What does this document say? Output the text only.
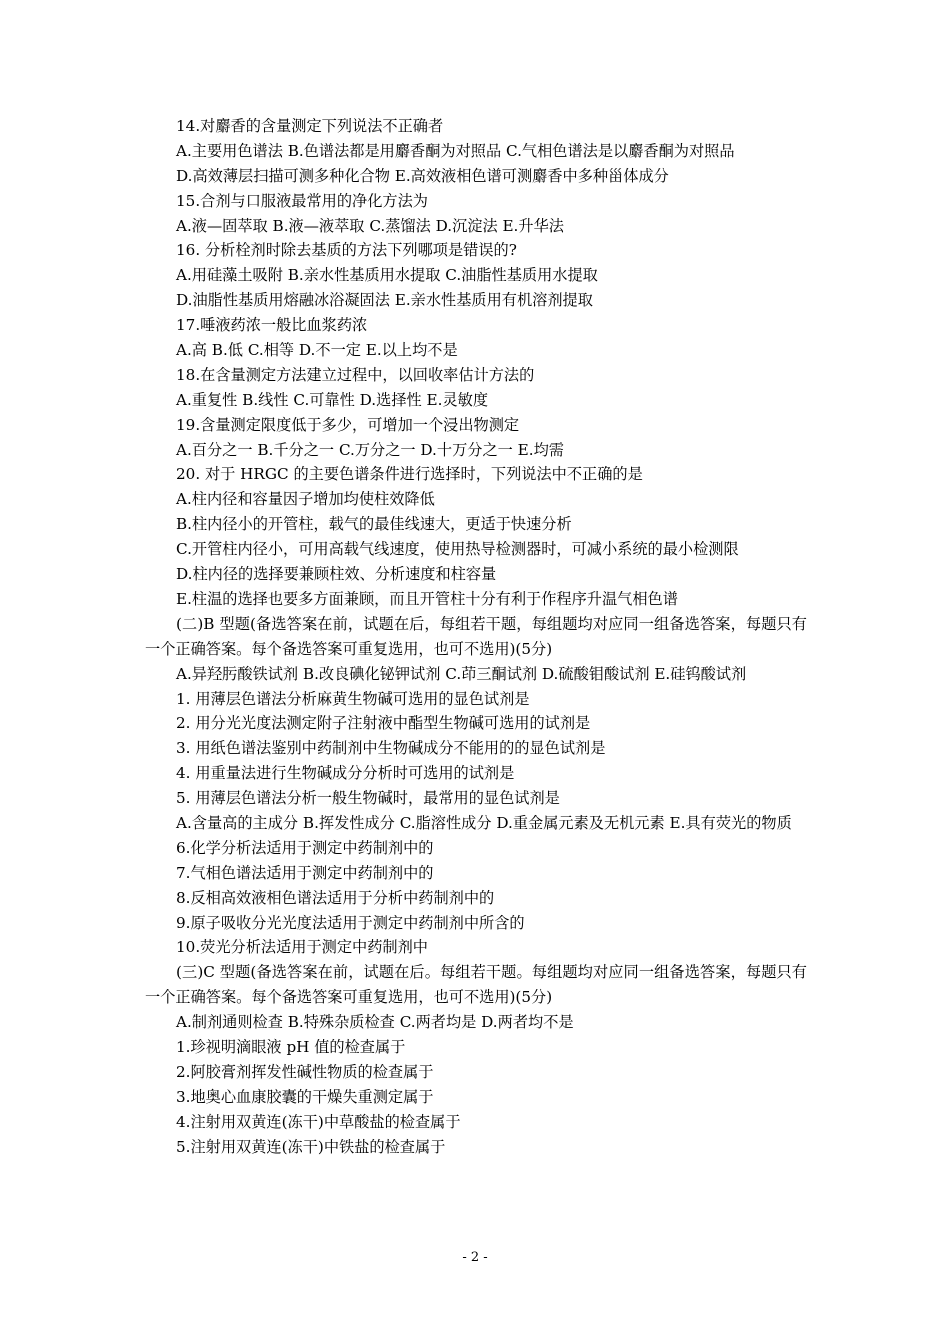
14.对麝香的含量测定下列说法不正确者
A.主要用色谱法 B.色谱法都是用麝香酮为对照品 C.气相色谱法是以麝香酮为对照品
D.高效薄层扫描可测多种化合物 E.高效液相色谱可测麝香中多种甾体成分
15.合剂与口服液最常用的净化方法为
A.液—固萃取 B.液—液萃取 C.蒸馏法 D.沉淀法 E.升华法
16. 分析栓剂时除去基质的方法下列哪项是错误的?
A.用硅藻土吸附 B.亲水性基质用水提取 C.油脂性基质用水提取
D.油脂性基质用熔融冰浴凝固法 E.亲水性基质用有机溶剂提取
17.唾液药浓一般比血浆药浓
A.高 B.低 C.相等 D.不一定 E.以上均不是
18.在含量测定方法建立过程中，以回收率估计方法的
A.重复性 B.线性 C.可靠性 D.选择性 E.灵敏度
19.含量测定限度低于多少，可增加一个浸出物测定
A.百分之一 B.千分之一 C.万分之一 D.十万分之一 E.均需
20. 对于 HRGC 的主要色谱条件进行选择时，下列说法中不正确的是
A.柱内径和容量因子增加均使柱效降低
B.柱内径小的开管柱，载气的最佳线速大，更适于快速分析
C.开管柱内径小，可用高载气线速度，使用热导检测器时，可减小系统的最小检测限
D.柱内径的选择要兼顾柱效、分析速度和柱容量
E.柱温的选择也要多方面兼顾，而且开管柱十分有利于作程序升温气相色谱
(二)B 型题(备选答案在前，试题在后，每组若干题，每组题均对应同一组备选答案，每题只有一个正确答案。每个备选答案可重复选用，也可不选用)(5分)
A.异羟肟酸铁试剂 B.改良碘化铋钾试剂 C.茚三酮试剂 D.硫酸钼酸试剂 E.硅钨酸试剂
1. 用薄层色谱法分析麻黄生物碱可选用的显色试剂是
2. 用分光光度法测定附子注射液中酯型生物碱可选用的试剂是
3. 用纸色谱法鉴别中药制剂中生物碱成分不能用的的显色试剂是
4. 用重量法进行生物碱成分分析时可选用的试剂是
5. 用薄层色谱法分析一般生物碱时，最常用的显色试剂是
A.含量高的主成分 B.挥发性成分 C.脂溶性成分 D.重金属元素及无机元素 E.具有荧光的物质
6.化学分析法适用于测定中药制剂中的
7.气相色谱法适用于测定中药制剂中的
8.反相高效液相色谱法适用于分析中药制剂中的
9.原子吸收分光光度法适用于测定中药制剂中所含的
10.荧光分析法适用于测定中药制剂中
(三)C 型题(备选答案在前，试题在后。每组若干题。每组题均对应同一组备选答案，每题只有一个正确答案。每个备选答案可重复选用，也可不选用)(5分)
A.制剂通则检查 B.特殊杂质检查 C.两者均是 D.两者均不是
1.珍视明滴眼液 pH 值的检查属于
2.阿胶膏剂挥发性碱性物质的检查属于
3.地奥心血康胶囊的干燥失重测定属于
4.注射用双黄连(冻干)中草酸盐的检查属于
5.注射用双黄连(冻干)中铁盐的检查属于
- 2 -
